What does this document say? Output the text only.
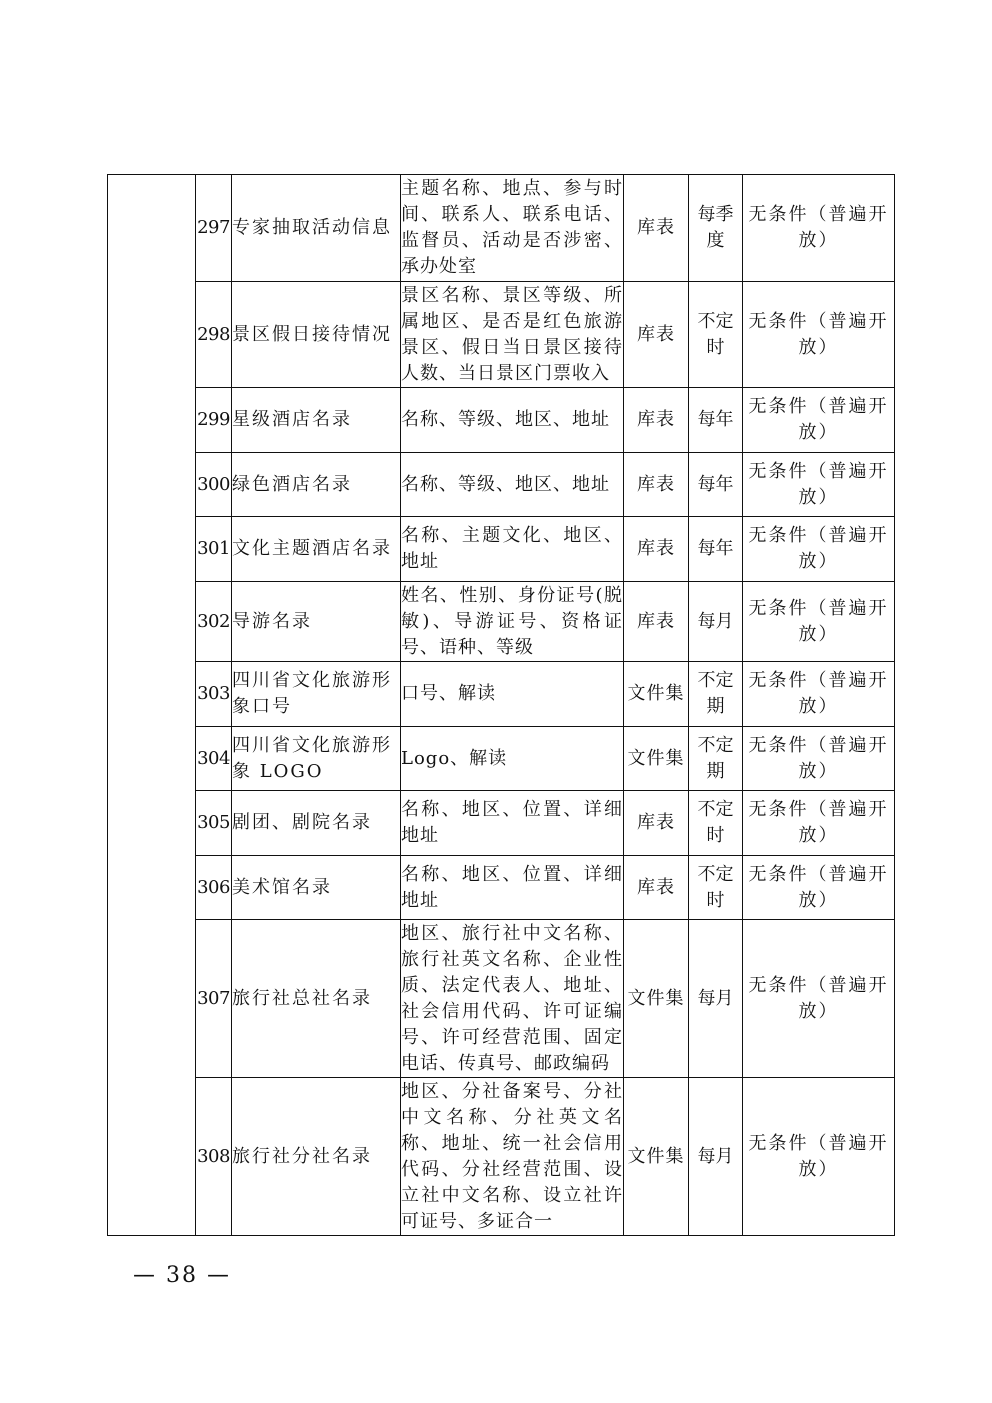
	297	专家抽取活动信息	主题名称、地点、参与时间、联系人、联系电话、监督员、活动是否涉密、承办处室	库表	每季度	无条件（普遍开放）
	298	景区假日接待情况	景区名称、景区等级、所属地区、是否是红色旅游景区、假日当日景区接待人数、当日景区门票收入	库表	不定时	无条件（普遍开放）
	299	星级酒店名录	名称、等级、地区、地址	库表	每年	无条件（普遍开放）
	300	绿色酒店名录	名称、等级、地区、地址	库表	每年	无条件（普遍开放）
	301	文化主题酒店名录	名称、主题文化、地区、地址	库表	每年	无条件（普遍开放）
	302	导游名录	姓名、性别、身份证号(脱敏)、导游证号、资格证号、语种、等级	库表	每月	无条件（普遍开放）
	303	四川省文化旅游形象口号	口号、解读	文件集	不定期	无条件（普遍开放）
	304	四川省文化旅游形象 LOGO	Logo、解读	文件集	不定期	无条件（普遍开放）
	305	剧团、剧院名录	名称、地区、位置、详细地址	库表	不定时	无条件（普遍开放）
	306	美术馆名录	名称、地区、位置、详细地址	库表	不定时	无条件（普遍开放）
	307	旅行社总社名录	地区、旅行社中文名称、旅行社英文名称、企业性质、法定代表人、地址、社会信用代码、许可证编号、许可经营范围、固定电话、传真号、邮政编码	文件集	每月	无条件（普遍开放）
	308	旅行社分社名录	地区、分社备案号、分社中文名称、分社英文名称、地址、统一社会信用代码、分社经营范围、设立社中文名称、设立社许可证号、多证合一	文件集	每月	无条件（普遍开放）
— 38 —
